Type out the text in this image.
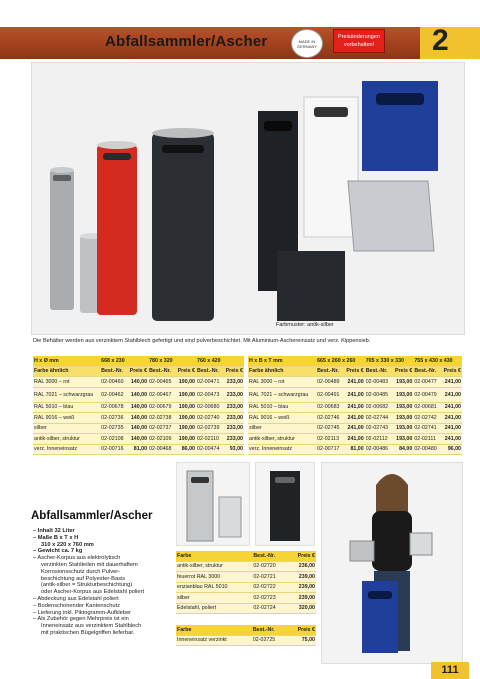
Abfallsammler/Ascher	MADE IN GERMANY
Preisänderungen vorbehalten!	2
Farbmuster: antik-silber
Die Behälter werden aus verzinktem Stahlblech gefertigt und sind pulverbeschichtet. Mit Aluminium-Aschereinsatz und verz. Kippensieb.
H x Ø mm	668 x 230		780 x 320		760 x 420	
Farbe ähnlich	Best.-Nr.	Preis €	Best.-Nr.	Preis €	Best.-Nr.	Preis €
RAL 3000 – rot	02-00460	140,00	02-00465	190,00	02-00471	233,00
RAL 7021 – schwarzgrau	02-00462	140,00	02-00467	190,00	02-00473	233,00
RAL 5010 – blau	02-00678	140,00	02-00679	190,00	02-00680	233,00
RAL 9016 – weiß	02-02736	140,00	02-02738	190,00	02-02740	233,00
silber	02-02735	140,00	02-02737	190,00	02-02739	233,00
antik-silber, struktur	02-02108	140,00	02-02109	190,00	02-02110	233,00
verz. Inneneinsatz	02-00716	81,00	02-00468	86,00	02-00474	93,00
H x B x T mm	665 x 260 x 260		705 x 330 x 330		755 x 430 x 430	
Farbe ähnlich	Best.-Nr.	Preis €	Best.-Nr.	Preis €	Best.-Nr.	Preis €
RAL 3000 – rot	02-00489	241,00	02-00483	193,00	02-00477	241,00
RAL 7021 – schwarzgrau	02-00491	241,00	02-00485	193,00	02-00479	241,00
RAL 5010 – blau	02-00683	241,00	02-00682	193,00	02-00681	241,00
RAL 9016 – weiß	02-02746	241,00	02-02744	193,00	02-02742	241,00
silber	02-02745	241,00	02-02743	193,00	02-02741	241,00
antik-silber, struktur	02-02113	241,00	02-02112	193,00	02-02111	241,00
verz. Inneneinsatz	02-00717	81,00	02-00486	84,00	02-00480	96,00
Abfallsammler/Ascher
– Inhalt 32 Liter
– Maße B x T x H
310 x 220 x 760 mm
– Gewicht ca. 7 kg
– Ascher-Korpus aus elektrolytisch
verzinkten Stahlteilen mit dauerhaftem
Korrosionsschutz durch Pulver-
beschichtung auf Polyester-Basis
(antik-silber = Strukturbeschichtung)
oder Ascher-Korpus aus Edelstahl poliert
– Abdeckung aus Edelstahl poliert
– Bodenschonender Kantenschutz
– Lieferung inkl. Piktogramm-Aufkleber
– Als Zubehör gegen Mehrpreis ist ein
Inneneinsatz aus verzinktem Stahlblech
mit praktischen Bügelgriffen lieferbar.
Farbe	Best.-Nr.	Preis €
antik-silber, struktur	02-02720	236,00
feuerrot RAL 3000	02-02721	239,00
enzianblau RAL 5010	02-02722	239,00
silber	02-02723	239,00
Edelstahl, poliert	02-02724	320,00
Farbe	Best.-Nr.	Preis €
Inneneinsatz verzinkt	02-02725	75,00
111
